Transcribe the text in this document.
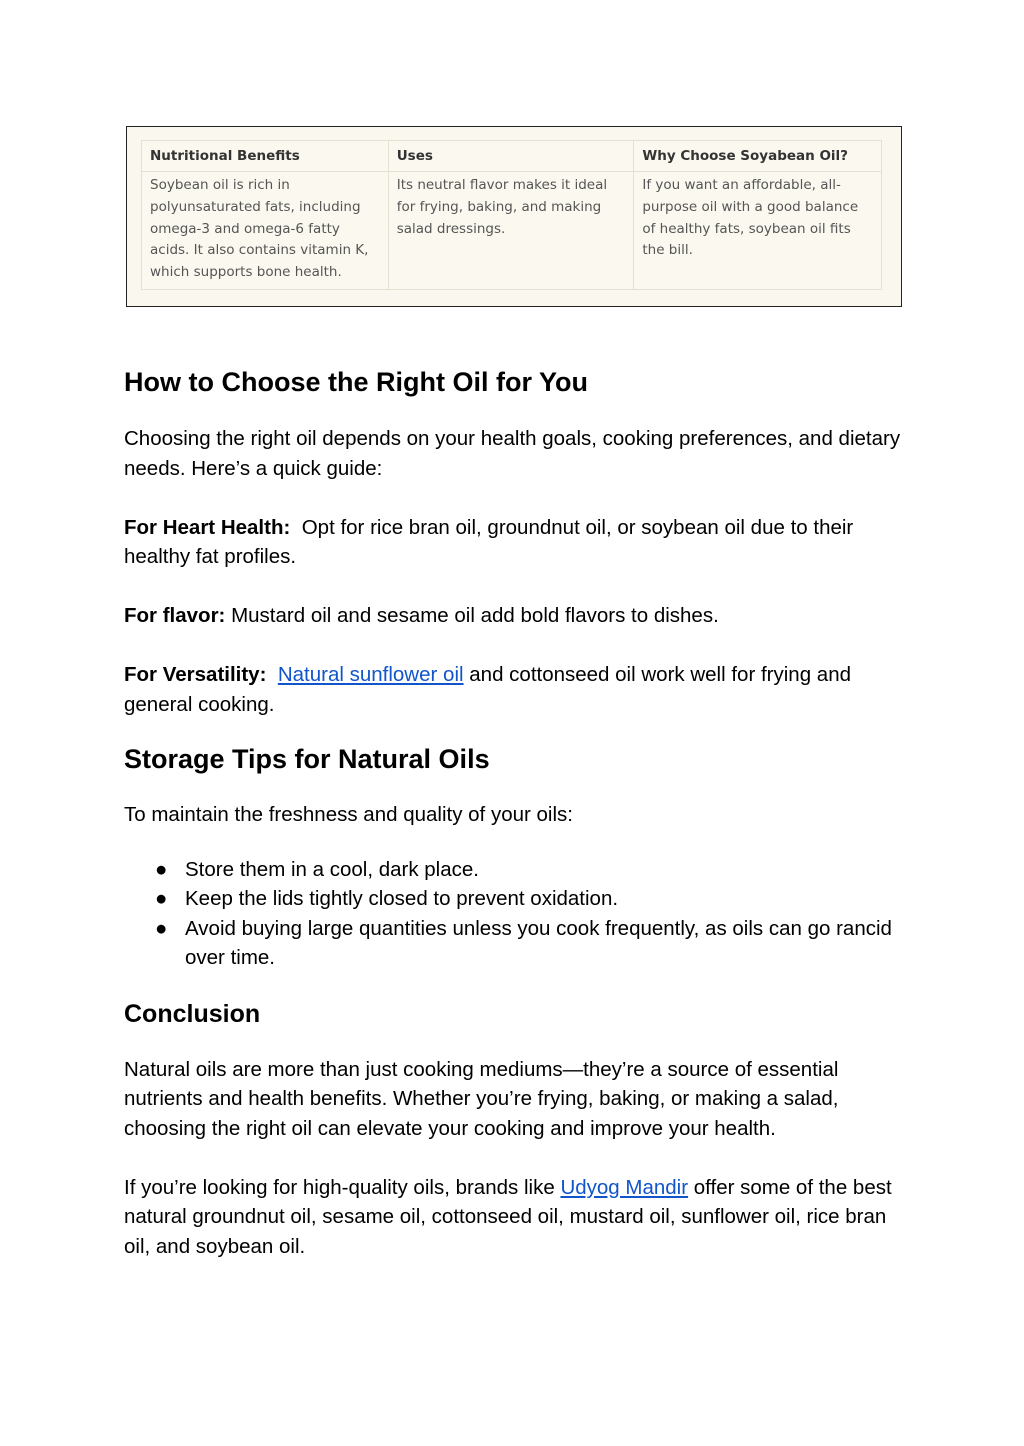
Nutritional Benefits	Uses	Why Choose Soyabean Oil?
Soybean oil is rich in polyunsaturated fats, including omega-3 and omega-6 fatty acids. It also contains vitamin K, which supports bone health.	Its neutral flavor makes it ideal for frying, baking, and making salad dressings.	If you want an affordable, all-purpose oil with a good balance of healthy fats, soybean oil fits the bill.
How to Choose the Right Oil for You

Choosing the right oil depends on your health goals, cooking preferences, and dietary needs. Here’s a quick guide:

For Heart Health: Opt for rice bran oil, groundnut oil, or soybean oil due to their healthy fat profiles.

For flavor: Mustard oil and sesame oil add bold flavors to dishes.

For Versatility: Natural sunflower oil and cottonseed oil work well for frying and general cooking.

Storage Tips for Natural Oils

To maintain the freshness and quality of your oils:

● Store them in a cool, dark place.
● Keep the lids tightly closed to prevent oxidation.
● Avoid buying large quantities unless you cook frequently, as oils can go rancid over time.
Conclusion

Natural oils are more than just cooking mediums—they’re a source of essential nutrients and health benefits. Whether you’re frying, baking, or making a salad, choosing the right oil can elevate your cooking and improve your health.

If you’re looking for high-quality oils, brands like Udyog Mandir offer some of the best natural groundnut oil, sesame oil, cottonseed oil, mustard oil, sunflower oil, rice bran oil, and soybean oil.
